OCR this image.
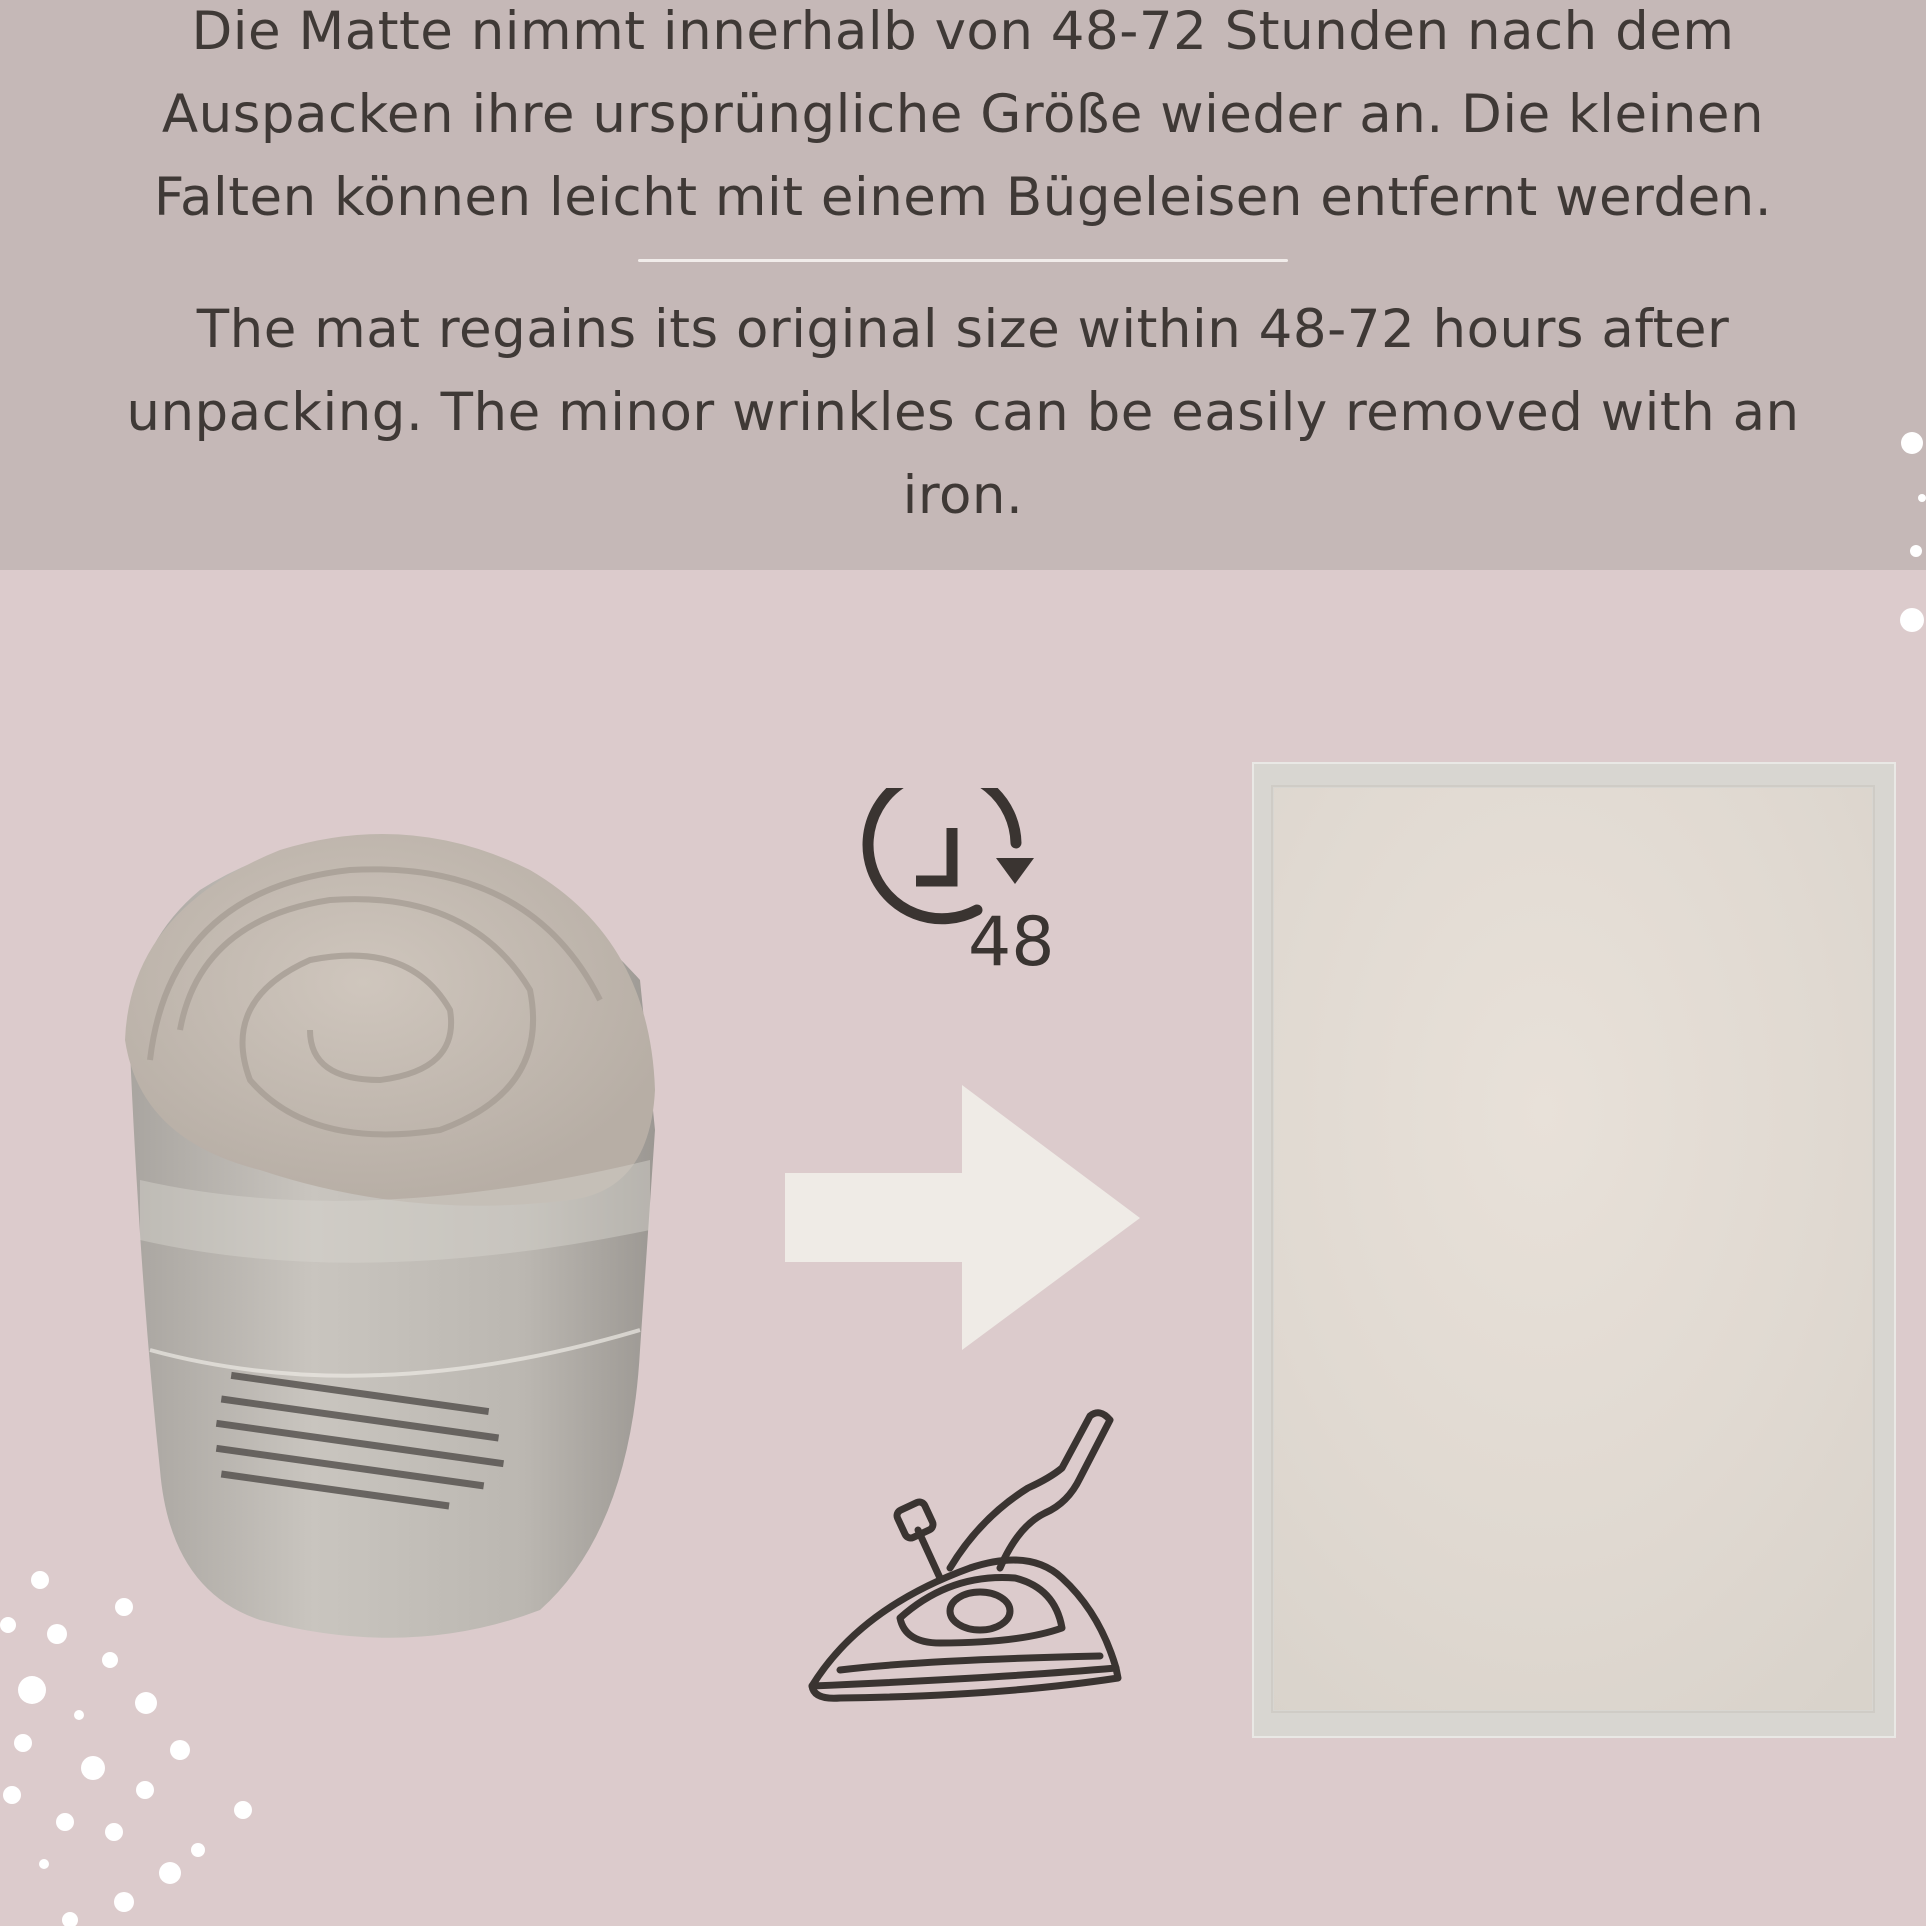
Die Matte nimmt innerhalb von 48-72 Stunden nach dem
Auspacken ihre ursprüngliche Größe wieder an. Die kleinen
Falten können leicht mit einem Bügeleisen entfernt werden.

The mat regains its original size within 48-72 hours after
unpacking. The minor wrinkles can be easily removed with an
iron.

48
